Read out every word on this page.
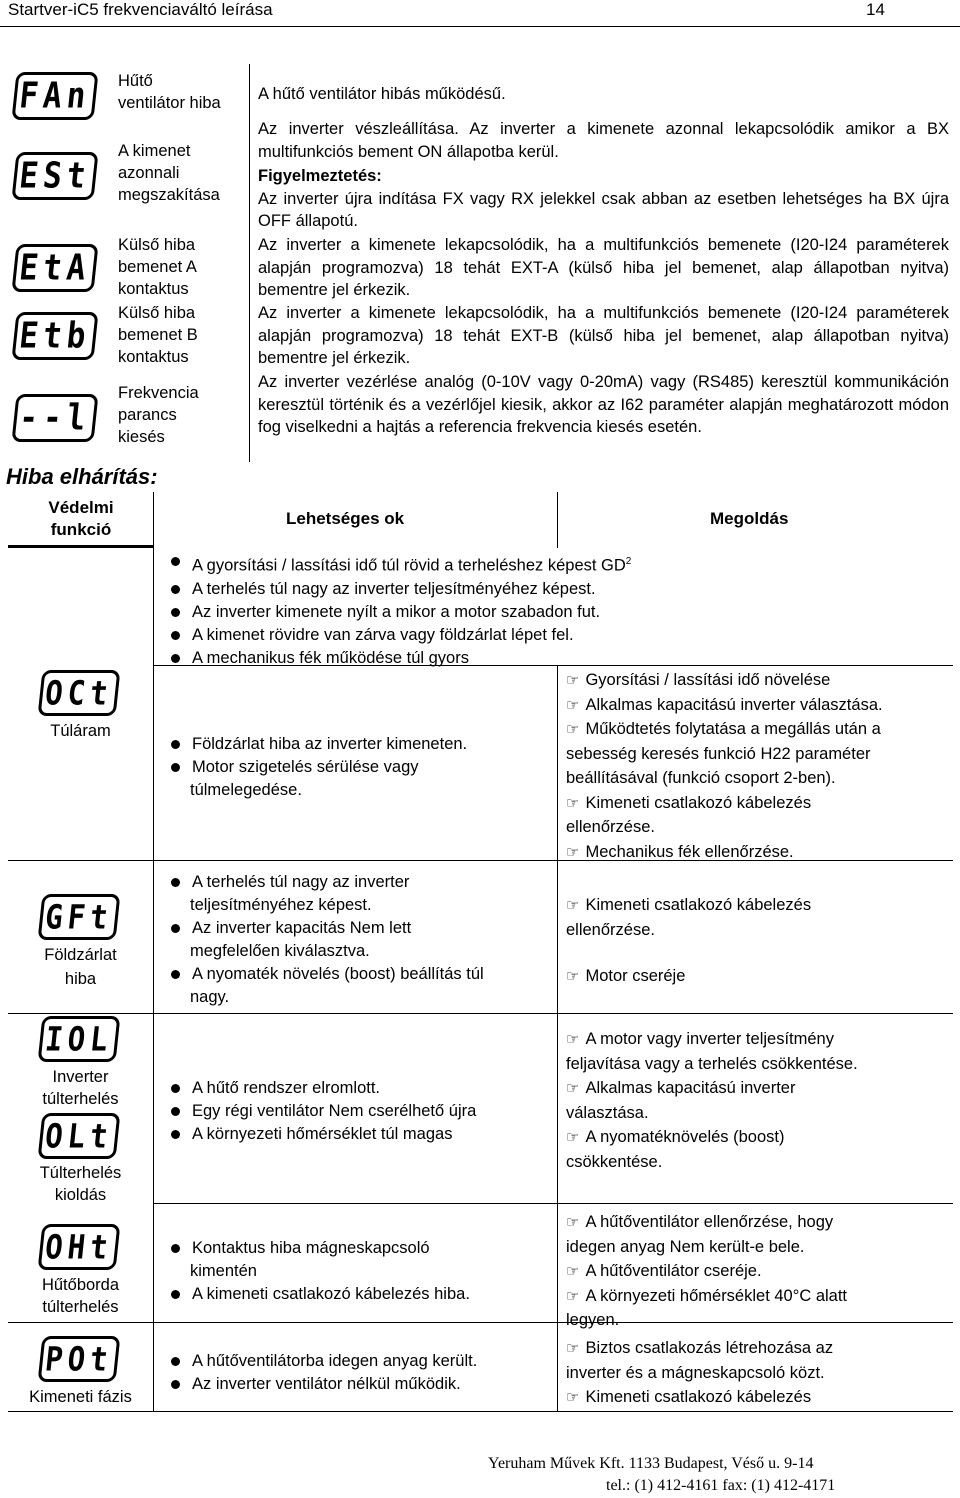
Startver-iC5 frekvenciaváltó leírása	14
FAn Hűtő
ventilátor hiba A hűtő ventilátor hibás működésű.
ESt
A kimenet
azonnali
megszakítása
Az inverter vészleállítása. Az inverter a kimenete azonnal lekapcsolódik amikor a BX multifunkciós bement ON állapotba kerül.
Figyelmeztetés:
Az inverter újra indítása FX vagy RX jelekkel csak abban az esetben lehetséges ha BX újra OFF állapotú.
EtA
Külső hiba
bemenet A
kontaktus
Az inverter a kimenete lekapcsolódik, ha a multifunkciós bemenete (I20-I24 paraméterek alapján programozva) 18 tehát EXT-A (külső hiba jel bemenet, alap állapotban nyitva) bementre jel érkezik.
Etb
Külső hiba
bemenet B
kontaktus
Az inverter a kimenete lekapcsolódik, ha a multifunkciós bemenete (I20-I24 paraméterek alapján programozva) 18 tehát EXT-B (külső hiba jel bemenet, alap állapotban nyitva) bementre jel érkezik.
--l
Frekvencia
parancs
kiesés
Az inverter vezérlése analóg (0-10V vagy 0-20mA) vagy (RS485) keresztül kommunikáción keresztül történik és a vezérlőjel kiesik, akkor az I62 paraméter alapján meghatározott módon fog viselkedni a hajtás a referencia frekvencia kiesés esetén.
Hiba elhárítás:
Védelmi
funkció
Lehetséges ok	Megoldás
A gyorsítási / lassítási idő túl rövid a terheléshez képest $GD^2$
A terhelés túl nagy az inverter teljesítményéhez képest.
Az inverter kimenete nyílt a mikor a motor szabadon fut.
A kimenet rövidre van zárva vagy földzárlat lépet fel.
A mechanikus fék működése túl gyors
OCt
Túláram
Földzárlat hiba az inverter kimeneten.
Motor szigetelés sérülése vagy
túlmelegedése.
☞ Gyorsítási / lassítási idő növelése
☞ Alkalmas kapacitású inverter választása.
☞ Működtetés folytatása a megállás után a
sebesség keresés funkció H22 paraméter
beállításával (funkció csoport 2-ben).
☞ Kimeneti csatlakozó kábelezés
ellenőrzése.
☞ Mechanikus fék ellenőrzése.
GFt
Földzárlat
hiba
A terhelés túl nagy az inverter
teljesítményéhez képest.
Az inverter kapacitás Nem lett
megfelelően kiválasztva.
A nyomaték növelés (boost) beállítás túl
nagy.
☞ Kimeneti csatlakozó kábelezés
ellenőrzése.
☞ Motor cseréje
IOL
Inverter
túlterhelés
OLt
Túlterhelés
kioldás
A hűtő rendszer elromlott.
Egy régi ventilátor Nem cserélhető újra
A környezeti hőmérséklet túl magas
☞ A motor vagy inverter teljesítmény
feljavítása vagy a terhelés csökkentése.
☞ Alkalmas kapacitású inverter
választása.
☞ A nyomatéknövelés (boost)
csökkentése.
OHt
Hűtőborda
túlterhelés
Kontaktus hiba mágneskapcsoló
kimentén
A kimeneti csatlakozó kábelezés hiba.
☞ A hűtőventilátor ellenőrzése, hogy
idegen anyag Nem került-e bele.
☞ A hűtőventilátor cseréje.
☞ A környezeti hőmérséklet 40°C alatt
legyen.
POt
Kimeneti fázis
A hűtőventilátorba idegen anyag került.
Az inverter ventilátor nélkül működik.
☞ Biztos csatlakozás létrehozása az
inverter és a mágneskapcsoló közt.
☞ Kimeneti csatlakozó kábelezés
Yeruham Művek Kft. 1133 Budapest, Véső u. 9-14
tel.: (1) 412-4161 fax: (1) 412-4171
